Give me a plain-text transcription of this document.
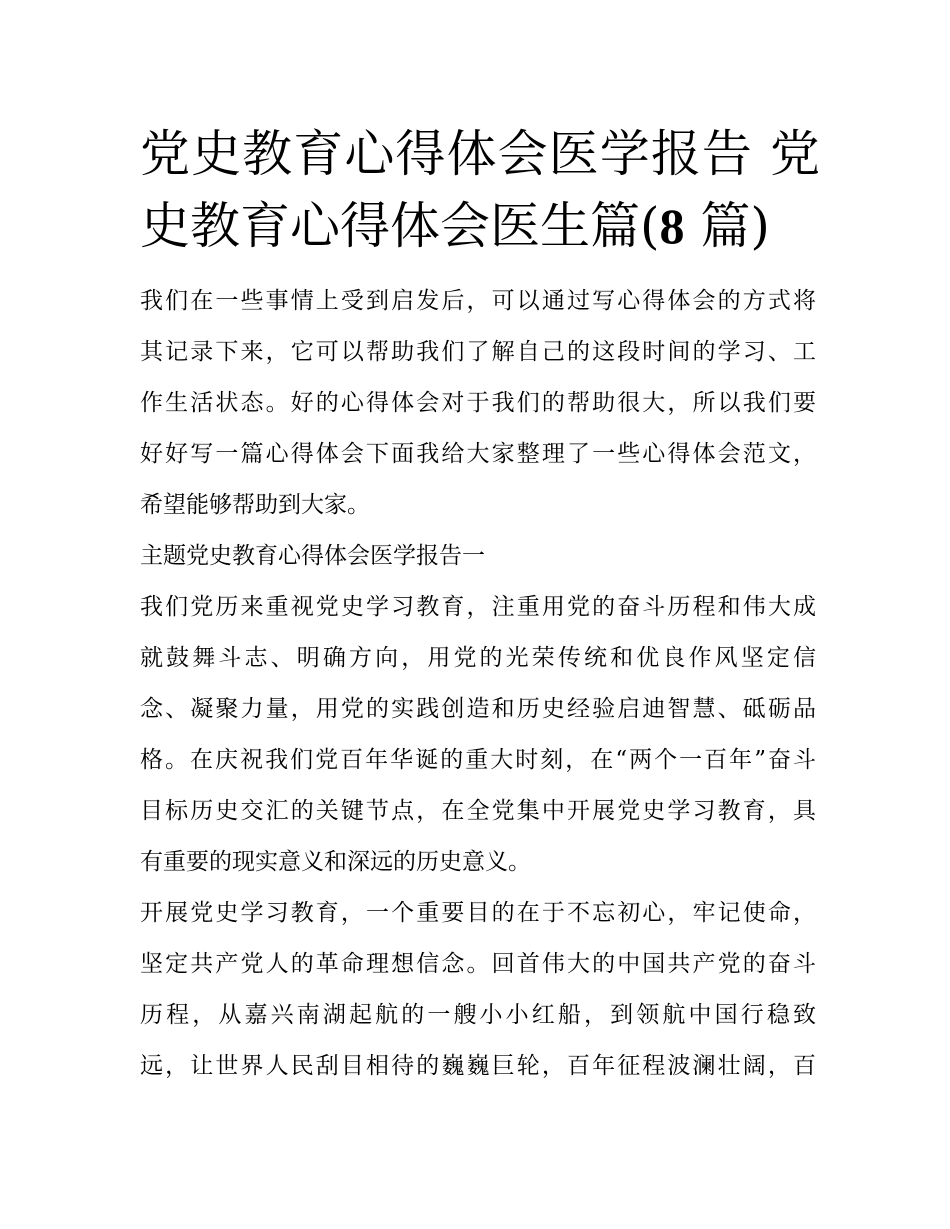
党史教育心得体会医学报告 党
史教育心得体会医生篇(8 篇)

我们在一些事情上受到启发后，可以通过写心得体会的方式将
其记录下来，它可以帮助我们了解自己的这段时间的学习、工
作生活状态。好的心得体会对于我们的帮助很大，所以我们要
好好写一篇心得体会下面我给大家整理了一些心得体会范文，
希望能够帮助到大家。

主题党史教育心得体会医学报告一

我们党历来重视党史学习教育，注重用党的奋斗历程和伟大成
就鼓舞斗志、明确方向，用党的光荣传统和优良作风坚定信
念、凝聚力量，用党的实践创造和历史经验启迪智慧、砥砺品
格。在庆祝我们党百年华诞的重大时刻，在“两个一百年”奋斗
目标历史交汇的关键节点，在全党集中开展党史学习教育，具
有重要的现实意义和深远的历史意义。

开展党史学习教育，一个重要目的在于不忘初心，牢记使命，
坚定共产党人的革命理想信念。回首伟大的中国共产党的奋斗
历程，从嘉兴南湖起航的一艘小小红船，到领航中国行稳致
远，让世界人民刮目相待的巍巍巨轮，百年征程波澜壮阔，百
